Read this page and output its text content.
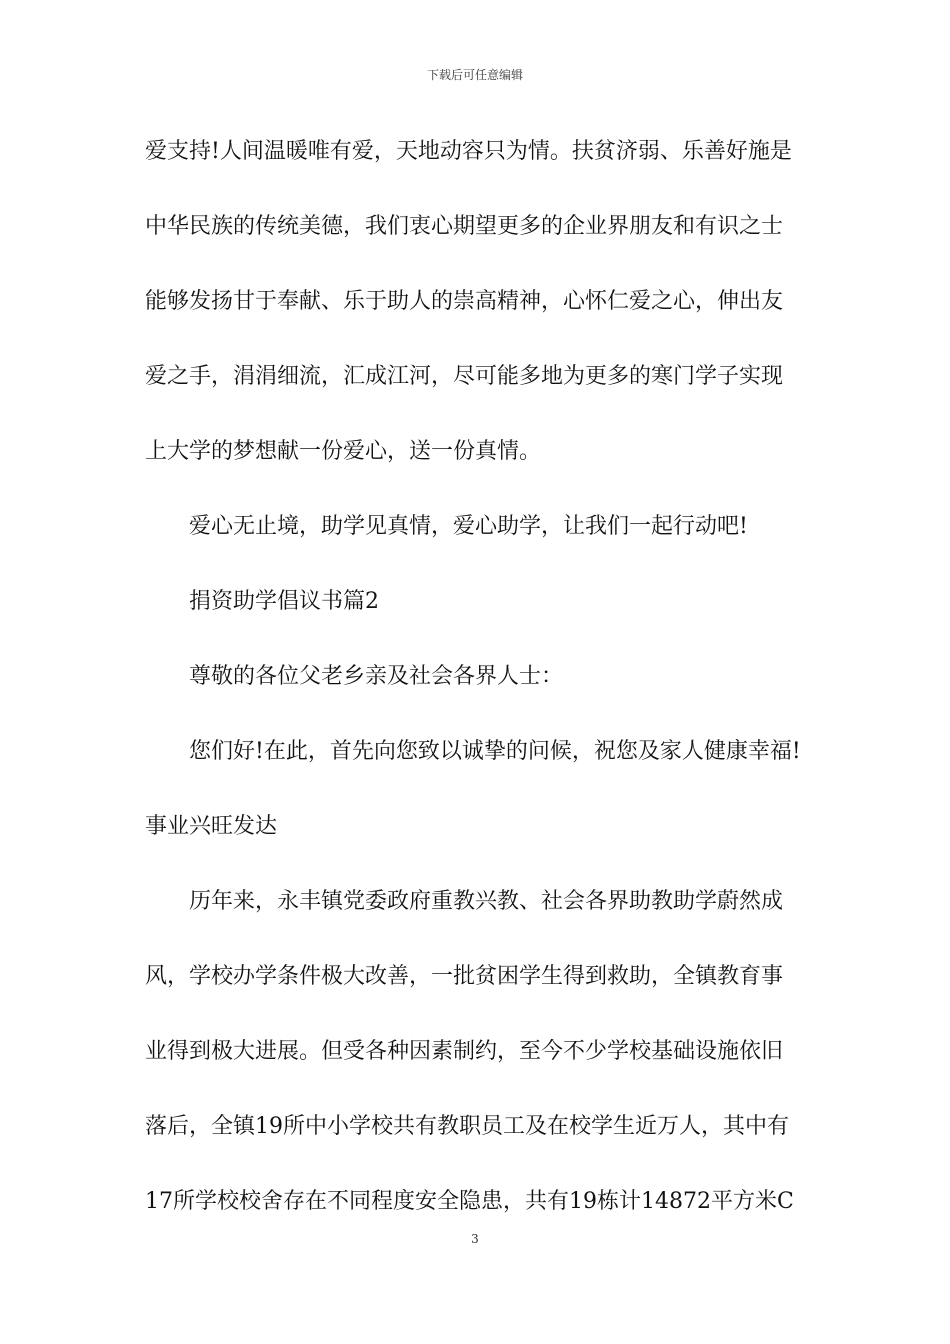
下载后可任意编辑
爱支持!人间温暖唯有爱，天地动容只为情。扶贫济弱、乐善好施是
中华民族的传统美德，我们衷心期望更多的企业界朋友和有识之士
能够发扬甘于奉献、乐于助人的崇高精神，心怀仁爱之心，伸出友
爱之手，涓涓细流，汇成江河，尽可能多地为更多的寒门学子实现
上大学的梦想献一份爱心，送一份真情。
爱心无止境，助学见真情，爱心助学，让我们一起行动吧!
捐资助学倡议书篇2
尊敬的各位父老乡亲及社会各界人士：
您们好!在此，首先向您致以诚挚的问候，祝您及家人健康幸福!
事业兴旺发达
历年来，永丰镇党委政府重教兴教、社会各界助教助学蔚然成
风，学校办学条件极大改善，一批贫困学生得到救助，全镇教育事
业得到极大进展。但受各种因素制约，至今不少学校基础设施依旧
落后，全镇19所中小学校共有教职员工及在校学生近万人，其中有
17所学校校舍存在不同程度安全隐患，共有19栋计14872平方米C
3
